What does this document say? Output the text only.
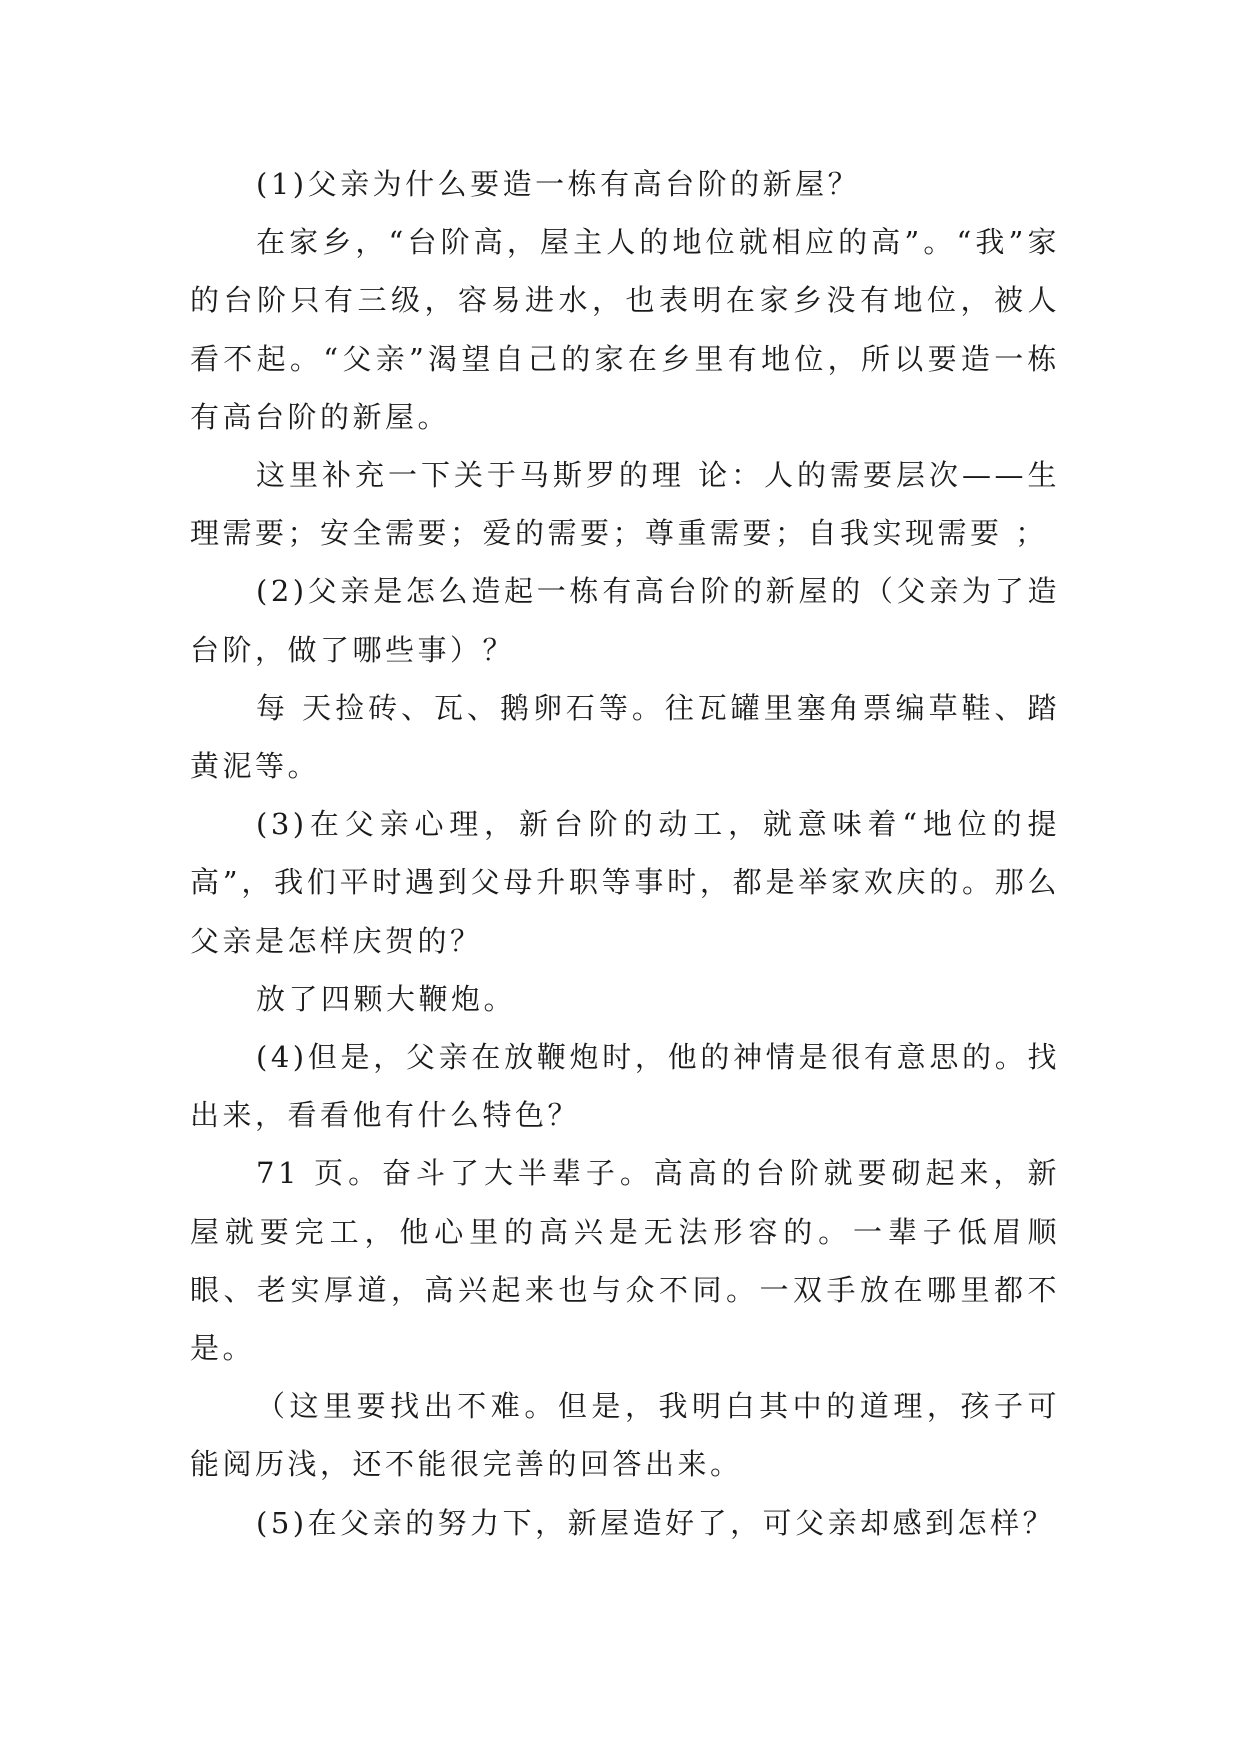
(1)父亲为什么要造一栋有高台阶的新屋？

在家乡，“台阶高，屋主人的地位就相应的高”。“我”家的台阶只有三级，容易进水，也表明在家乡没有地位，被人看不起。“父亲”渴望自己的家在乡里有地位，所以要造一栋有高台阶的新屋。

这里补充一下关于马斯罗的理 论：人的需要层次——生理需要；安全需要；爱的需要；尊重需要；自我实现需要 ；

(2)父亲是怎么造起一栋有高台阶的新屋的（父亲为了造台阶，做了哪些事）？

每 天捡砖、瓦、鹅卵石等。往瓦罐里塞角票编草鞋、踏黄泥等。

(3)在父亲心理，新台阶的动工，就意味着“地位的提高”，我们平时遇到父母升职等事时，都是举家欢庆的。那么父亲是怎样庆贺的？

放了四颗大鞭炮。

(4)但是，父亲在放鞭炮时，他的神情是很有意思的。找出来，看看他有什么特色？

71 页。奋斗了大半辈子。高高的台阶就要砌起来，新屋就要完工，他心里的高兴是无法形容的。一辈子低眉顺眼、老实厚道，高兴起来也与众不同。一双手放在哪里都不是。

（这里要找出不难。但是，我明白其中的道理，孩子可能阅历浅，还不能很完善的回答出来。

(5)在父亲的努力下，新屋造好了，可父亲却感到怎样？
